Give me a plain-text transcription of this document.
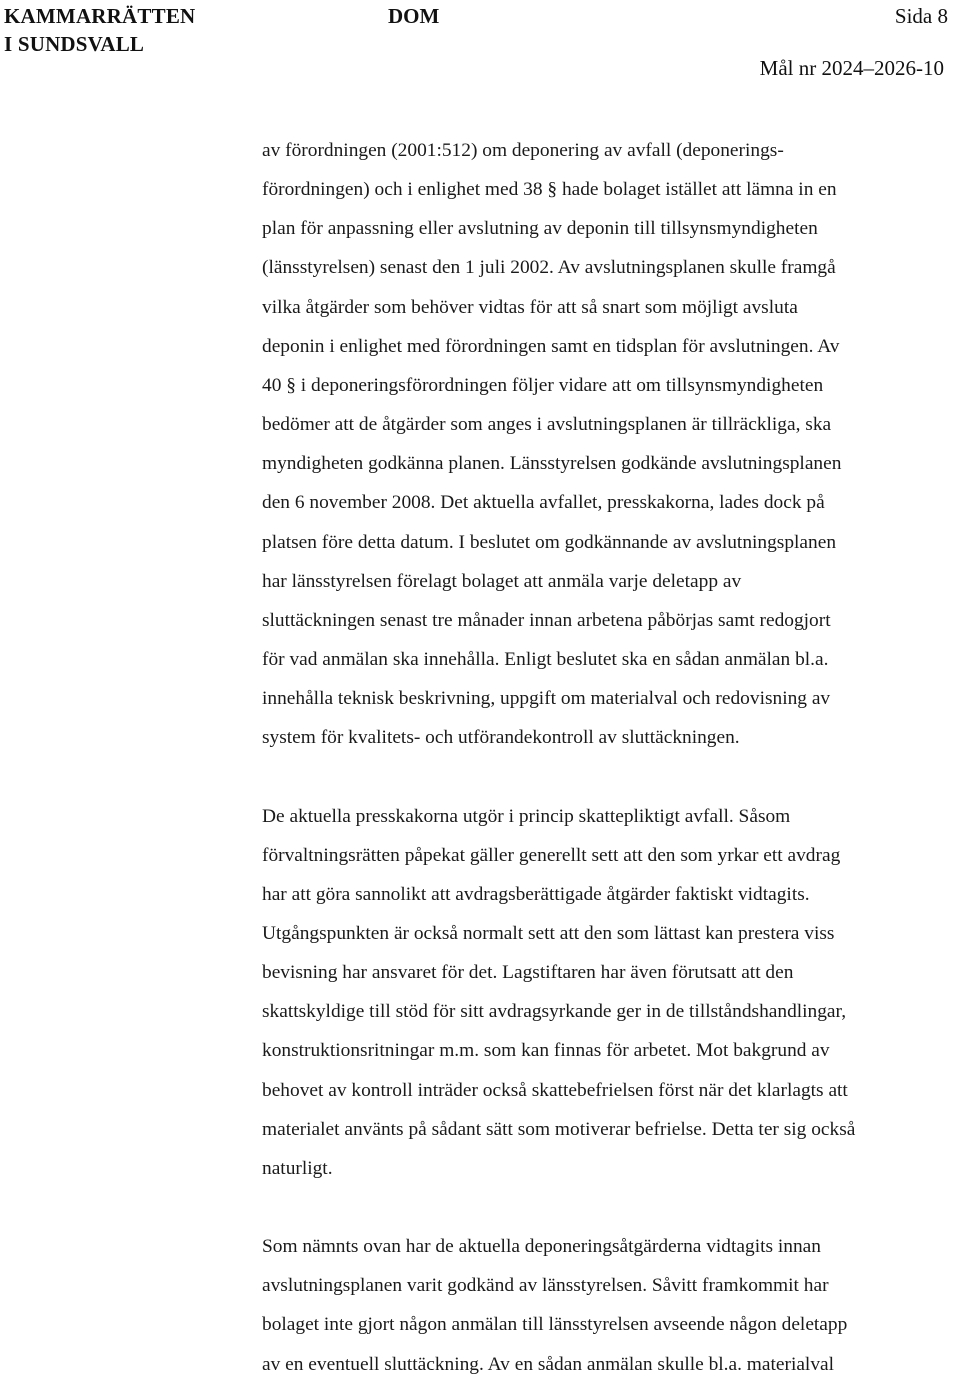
KAMMARRÄTTEN
I SUNDSVALL
DOM	Sida 8
Mål nr 2024–2026-10

av förordningen (2001:512) om deponering av avfall (deponerings-
förordningen) och i enlighet med 38 § hade bolaget istället att lämna in en
plan för anpassning eller avslutning av deponin till tillsynsmyndigheten
(länsstyrelsen) senast den 1 juli 2002. Av avslutningsplanen skulle framgå
vilka åtgärder som behöver vidtas för att så snart som möjligt avsluta
deponin i enlighet med förordningen samt en tidsplan för avslutningen. Av
40 § i deponeringsförordningen följer vidare att om tillsynsmyndigheten
bedömer att de åtgärder som anges i avslutningsplanen är tillräckliga, ska
myndigheten godkänna planen. Länsstyrelsen godkände avslutningsplanen
den 6 november 2008. Det aktuella avfallet, presskakorna, lades dock på
platsen före detta datum. I beslutet om godkännande av avslutningsplanen
har länsstyrelsen förelagt bolaget att anmäla varje deletapp av
sluttäckningen senast tre månader innan arbetena påbörjas samt redogjort
för vad anmälan ska innehålla. Enligt beslutet ska en sådan anmälan bl.a.
innehålla teknisk beskrivning, uppgift om materialval och redovisning av
system för kvalitets- och utförandekontroll av sluttäckningen.

De aktuella presskakorna utgör i princip skattepliktigt avfall. Såsom
förvaltningsrätten påpekat gäller generellt sett att den som yrkar ett avdrag
har att göra sannolikt att avdragsberättigade åtgärder faktiskt vidtagits.
Utgångspunkten är också normalt sett att den som lättast kan prestera viss
bevisning har ansvaret för det. Lagstiftaren har även förutsatt att den
skattskyldige till stöd för sitt avdragsyrkande ger in de tillståndshandlingar,
konstruktionsritningar m.m. som kan finnas för arbetet. Mot bakgrund av
behovet av kontroll inträder också skattebefrielsen först när det klarlagts att
materialet använts på sådant sätt som motiverar befrielse. Detta ter sig också
naturligt.

Som nämnts ovan har de aktuella deponeringsåtgärderna vidtagits innan
avslutningsplanen varit godkänd av länsstyrelsen. Såvitt framkommit har
bolaget inte gjort någon anmälan till länsstyrelsen avseende någon deletapp
av en eventuell sluttäckning. Av en sådan anmälan skulle bl.a. materialval
